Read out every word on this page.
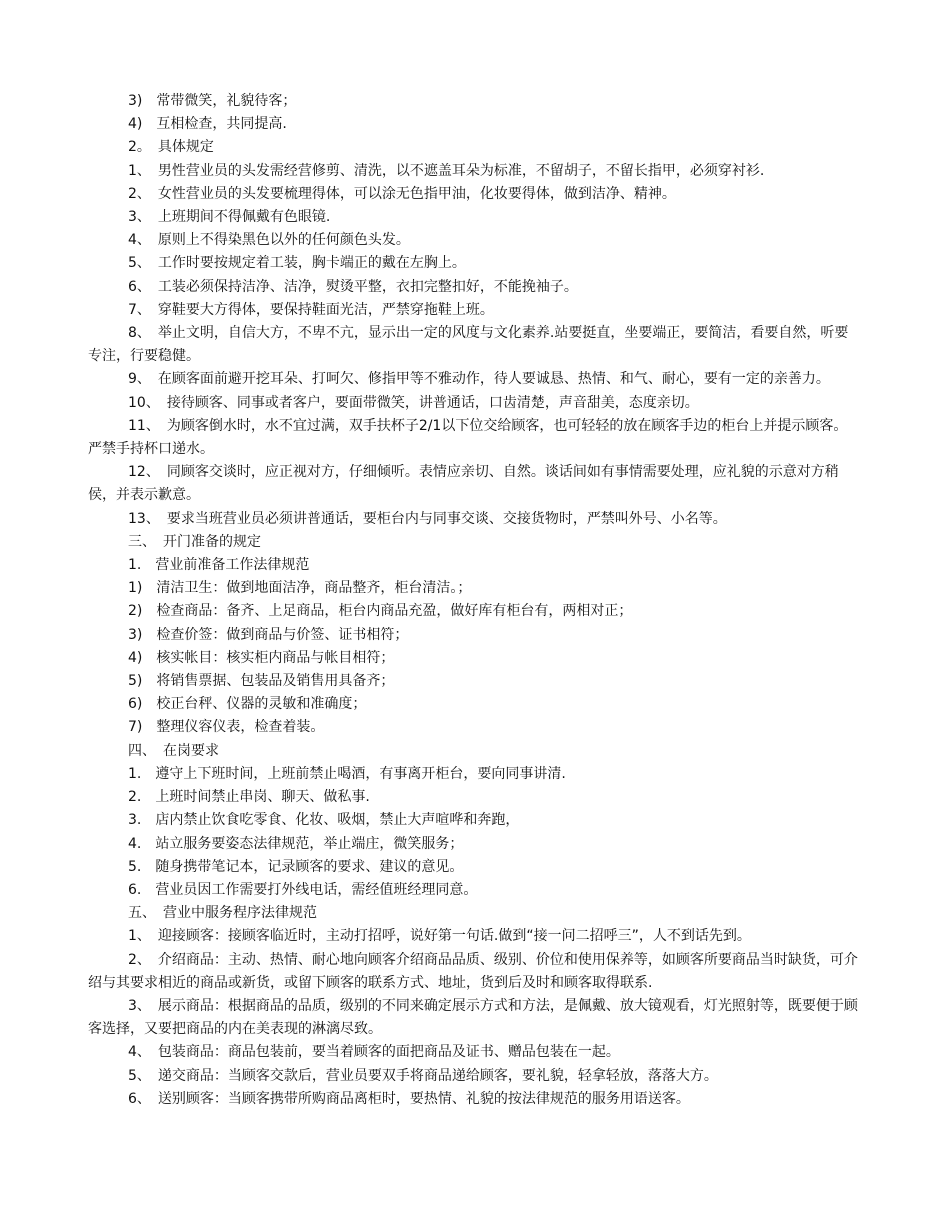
3)　常带微笑，礼貌待客；

4)　互相检查，共同提高.

2。　具体规定

1、　男性营业员的头发需经营修剪、清洗，以不遮盖耳朵为标准，不留胡子，不留长指甲，必须穿衬衫.

2、　女性营业员的头发要梳理得体，可以涂无色指甲油，化妆要得体，做到洁净、精神。

3、　上班期间不得佩戴有色眼镜.

4、　原则上不得染黑色以外的任何颜色头发。

5、　工作时要按规定着工装，胸卡端正的戴在左胸上。

6、　工装必须保持洁净、洁净，熨烫平整，衣扣完整扣好，不能挽袖子。

7、　穿鞋要大方得体，要保持鞋面光洁，严禁穿拖鞋上班。

8、　举止文明，自信大方，不卑不亢，显示出一定的风度与文化素养.站要挺直，坐要端正，要简洁，看要自然，听要专注，行要稳健。

9、　在顾客面前避开挖耳朵、打呵欠、修指甲等不雅动作，待人要诚恳、热情、和气、耐心，要有一定的亲善力。

10、　接待顾客、同事或者客户，要面带微笑，讲普通话，口齿清楚，声音甜美，态度亲切。

11、　为顾客倒水时，水不宜过满，双手扶杯子2/1以下位交给顾客，也可轻轻的放在顾客手边的柜台上并提示顾客。严禁手持杯口递水。

12、　同顾客交谈时，应正视对方，仔细倾听。表情应亲切、自然。谈话间如有事情需要处理，应礼貌的示意对方稍侯，并表示歉意。

13、　要求当班营业员必须讲普通话，要柜台内与同事交谈、交接货物时，严禁叫外号、小名等。

三、　开门准备的规定

1.　营业前准备工作法律规范

1)　清洁卫生：做到地面洁净，商品整齐，柜台清洁。；

2)　检查商品：备齐、上足商品，柜台内商品充盈，做好库有柜台有，两相对正；

3)　检查价签：做到商品与价签、证书相符；

4)　核实帐目：核实柜内商品与帐目相符；

5)　将销售票据、包装品及销售用具备齐；

6)　校正台秤、仪器的灵敏和准确度；

7)　整理仪容仪表，检查着装。

四、　在岗要求

1.　遵守上下班时间，上班前禁止喝酒，有事离开柜台，要向同事讲清.

2.　上班时间禁止串岗、聊天、做私事.

3.　店内禁止饮食吃零食、化妆、吸烟，禁止大声喧哗和奔跑，

4.　站立服务要姿态法律规范，举止端庄，微笑服务；

5.　随身携带笔记本，记录顾客的要求、建议的意见。

6.　营业员因工作需要打外线电话，需经值班经理同意。

五、　营业中服务程序法律规范

1、　迎接顾客：接顾客临近时，主动打招呼，说好第一句话.做到“接一问二招呼三”，人不到话先到。

2、　介绍商品：主动、热情、耐心地向顾客介绍商品品质、级别、价位和使用保养等，如顾客所要商品当时缺货，可介绍与其要求相近的商品或新货，或留下顾客的联系方式、地址，货到后及时和顾客取得联系.

3、　展示商品：根据商品的品质，级别的不同来确定展示方式和方法，是佩戴、放大镜观看，灯光照射等，既要便于顾客选择，又要把商品的内在美表现的淋漓尽致。

4、　包装商品：商品包装前，要当着顾客的面把商品及证书、赠品包装在一起。

5、　递交商品：当顾客交款后，营业员要双手将商品递给顾客，要礼貌，轻拿轻放，落落大方。

6、　送别顾客：当顾客携带所购商品离柜时，要热情、礼貌的按法律规范的服务用语送客。
